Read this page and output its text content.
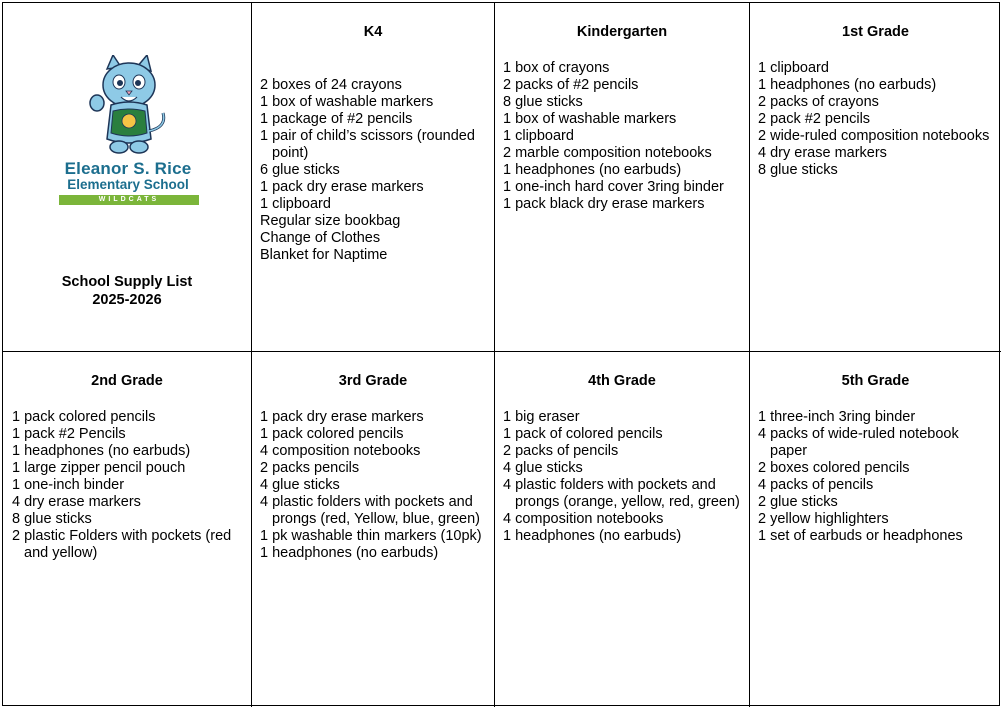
Eleanor S. Rice
Elementary School
WILDCATS
School Supply List
2025-2026
K4
2 boxes of 24 crayons
1 box of washable markers
1 package of #2 pencils
1 pair of child’s scissors (rounded point)
6 glue sticks
1 pack dry erase markers
1 clipboard
Regular size bookbag
Change of Clothes
Blanket for Naptime
Kindergarten
1 box of crayons
2 packs of #2 pencils
8 glue sticks
1 box of washable markers
1 clipboard
2 marble composition notebooks
1 headphones (no earbuds)
1 one-inch hard cover 3ring binder
1 pack black dry erase markers
1st Grade
1 clipboard
1 headphones (no earbuds)
2 packs of crayons
2 pack #2 pencils
2 wide-ruled composition notebooks
4 dry erase markers
8 glue sticks
2nd Grade
1 pack colored pencils
1 pack #2 Pencils
1 headphones (no earbuds)
1 large zipper pencil pouch
1 one-inch binder
4 dry erase markers
8 glue sticks
2 plastic Folders with pockets (red and yellow)
3rd Grade
1 pack dry erase markers
1 pack colored pencils
4 composition notebooks
2 packs pencils
4 glue sticks
4 plastic folders with pockets and prongs (red, Yellow, blue, green)
1 pk washable thin markers (10pk)
1 headphones (no earbuds)
4th Grade
1 big eraser
1 pack of colored pencils
2 packs of pencils
4 glue sticks
4 plastic folders with pockets and prongs (orange, yellow, red, green)
4 composition notebooks
1 headphones (no earbuds)
5th Grade
1 three-inch 3ring binder
4 packs of wide-ruled notebook paper
2 boxes colored pencils
4 packs of pencils
2 glue sticks
2 yellow highlighters
1 set of earbuds or headphones
